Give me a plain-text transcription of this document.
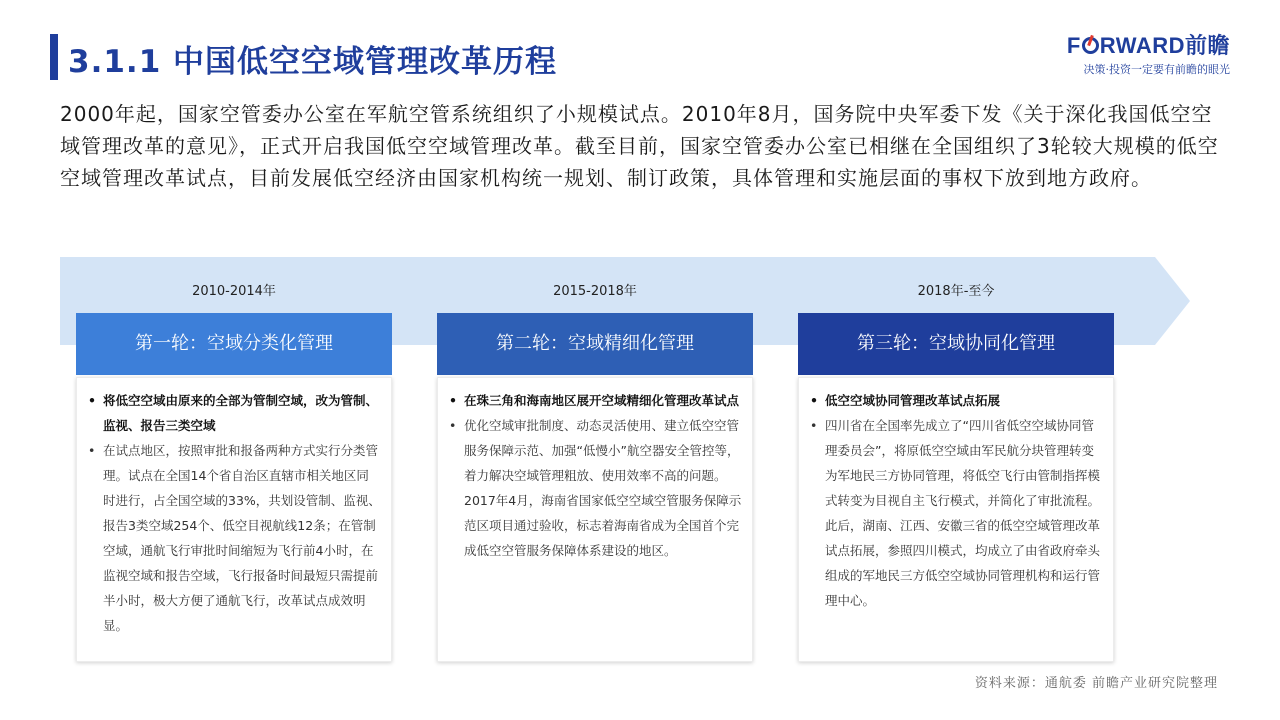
3.1.1 中国低空空域管理改革历程	F RWARD前瞻
决策·投资一定要有前瞻的眼光

2000年起，国家空管委办公室在军航空管系统组织了小规模试点。2010年8月，国务院中央军委下发《关于深化我国低空空域管理改革的意见》，正式开启我国低空空域管理改革。截至目前，国家空管委办公室已相继在全国组织了3轮较大规模的低空空域管理改革试点，目前发展低空经济由国家机构统一规划、制订政策，具体管理和实施层面的事权下放到地方政府。

2010-2014年	2015-2018年	2018年-至今
第一轮：空域分类化管理	第二轮：空域精细化管理	第三轮：空域协同化管理
• 将低空空域由原来的全部为管制空域，改为管制、监视、报告三类空域
• 在试点地区，按照审批和报备两种方式实行分类管理。试点在全国14个省自治区直辖市相关地区同时进行，占全国空域的33%，共划设管制、监视、报告3类空域254个、低空目视航线12条；在管制空域，通航飞行审批时间缩短为飞行前4小时，在监视空域和报告空域，飞行报备时间最短只需提前半小时，极大方便了通航飞行，改革试点成效明显。
• 在珠三角和海南地区展开空域精细化管理改革试点
• 优化空域审批制度、动态灵活使用、建立低空空管服务保障示范、加强“低慢小”航空器安全管控等，着力解决空域管理粗放、使用效率不高的问题。2017年4月，海南省国家低空空域空管服务保障示范区项目通过验收，标志着海南省成为全国首个完成低空空管服务保障体系建设的地区。
• 低空空域协同管理改革试点拓展
• 四川省在全国率先成立了“四川省低空空域协同管理委员会”，将原低空空域由军民航分块管理转变为军地民三方协同管理，将低空飞行由管制指挥模式转变为目视自主飞行模式，并简化了审批流程。此后，湖南、江西、安徽三省的低空空域管理改革试点拓展，参照四川模式，均成立了由省政府牵头组成的军地民三方低空空域协同管理机构和运行管理中心。
资料来源：通航委 前瞻产业研究院整理
